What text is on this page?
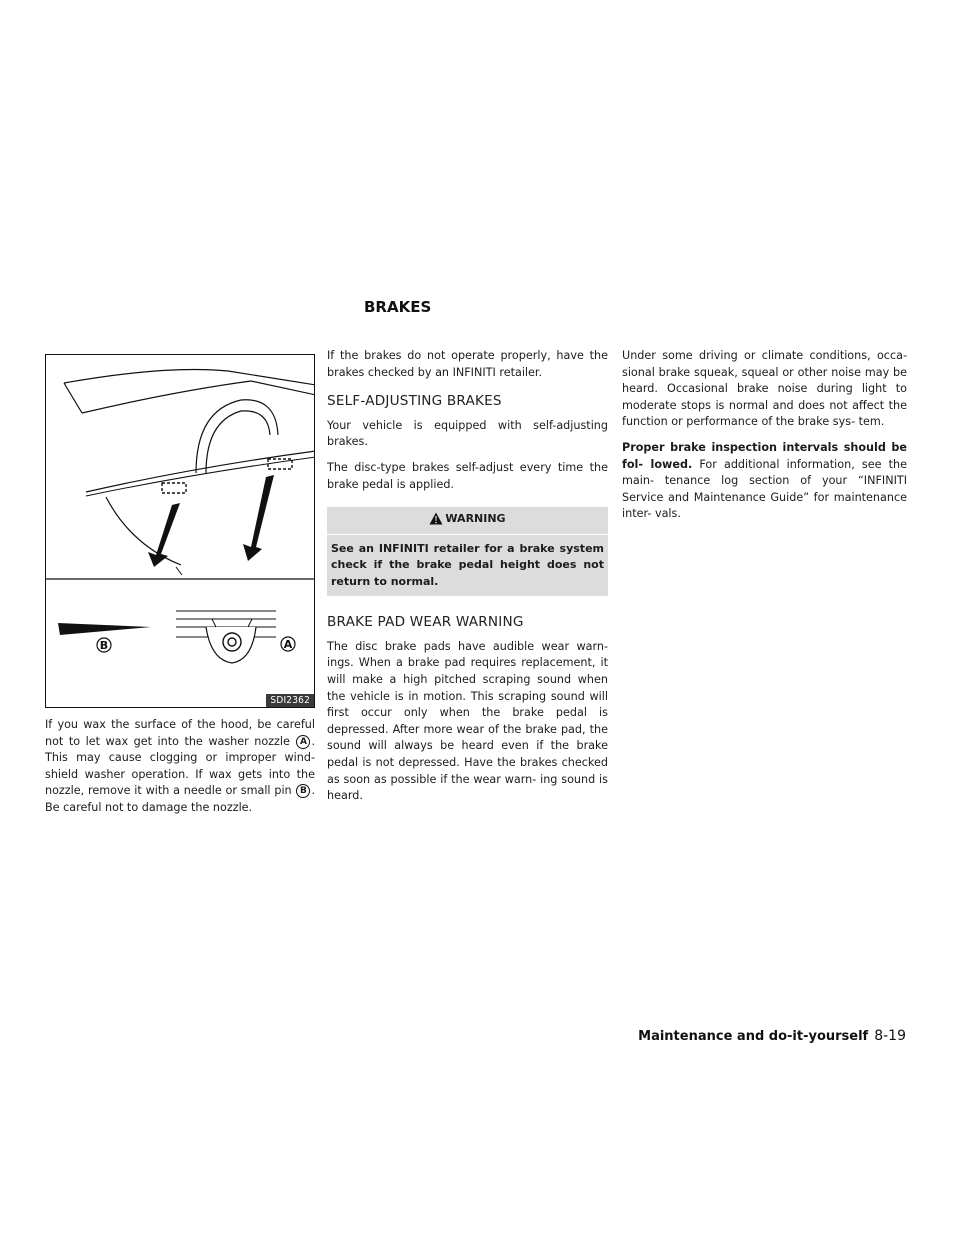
BRAKES
B	A
SDI2362

If you wax the surface of the hood, be careful not to let wax get into the washer nozzle A . This may cause clogging or improper wind- shield washer operation. If wax gets into the nozzle, remove it with a needle or small pin B . Be careful not to damage the nozzle.

If the brakes do not operate properly, have the brakes checked by an INFINITI retailer.

SELF-ADJUSTING BRAKES

Your vehicle is equipped with self-adjusting brakes.

The disc-type brakes self-adjust every time the brake pedal is applied.

WARNING
See an INFINITI retailer for a brake system check if the brake pedal height does not return to normal.
BRAKE PAD WEAR WARNING

The disc brake pads have audible wear warn- ings. When a brake pad requires replacement, it will make a high pitched scraping sound when the vehicle is in motion. This scraping sound will first occur only when the brake pedal is depressed. After more wear of the brake pad, the sound will always be heard even if the brake pedal is not depressed. Have the brakes checked as soon as possible if the wear warn- ing sound is heard.

Under some driving or climate conditions, occa- sional brake squeak, squeal or other noise may be heard. Occasional brake noise during light to moderate stops is normal and does not affect the function or performance of the brake sys- tem.

Proper brake inspection intervals should be fol- lowed. For additional information, see the main- tenance log section of your “INFINITI Service and Maintenance Guide” for maintenance inter- vals.

Maintenance and do-it-yourself 8-19
